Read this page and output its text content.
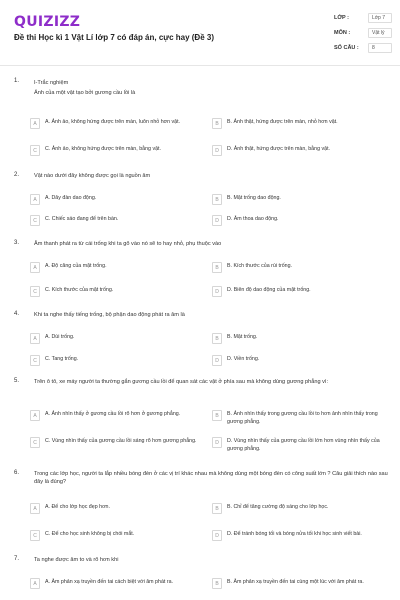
QUIZIZZ
Đề thi Học kì 1 Vật Lí lớp 7 có đáp án, cực hay (Đề 3)
LỚP :	Lớp 7
MÔN :	Vật lý
SỐ CÂU :	8
1.	I-Trắc nghiệm
Ảnh của một vật tạo bởi gương cầu lồi là
A	A. Ảnh ảo, không hứng được trên màn, luôn nhỏ hơn vật.	B	B. Ảnh thật, hứng được trên màn, nhỏ hơn vật.
C	C. Ảnh ảo, không hứng được trên màn, bằng vật.	D	D. Ảnh thật, hứng được trên màn, bằng vật.
2.	Vật nào dưới đây không được gọi là nguồn âm
A	A. Dây đàn dao động.	B	B. Mặt trống dao động.
C	C. Chiếc sáo đang để trên bàn.	D	D. Âm thoa dao động.
3.	Âm thanh phát ra từ cái trống khi ta gõ vào nó sẽ to hay nhỏ, phụ thuộc vào
A	A. Độ căng của mặt trống.	B	B. Kích thước của rùi trống.
C	C. Kích thước của mặt trống.	D	D. Biên độ dao động của mặt trống.
4.	Khi ta nghe thấy tiếng trống, bộ phận dao động phát ra âm là
A	A. Dùi trống.	B	B. Mặt trống.
C	C. Tang trống.	D	D. Viền trống.
5.	Trên ô tô, xe máy người ta thường gắn gương cầu lồi để quan sát các vật ở phía sau mà không dùng gương phẳng vì:
A	A. Ảnh nhìn thấy ở gương cầu lồi rõ hơn ở gương phẳng.	B	B. Ảnh nhìn thấy trong gương cầu lồi to hơn ảnh nhìn thấy trong gương phẳng.
C	C. Vùng nhìn thấy của gương cầu lồi sáng rõ hơn gương phẳng.	D	D. Vùng nhìn thấy của gương cầu lồi lớn hơn vùng nhìn thấy của gương phẳng.
6.	Trong các lớp học, người ta lắp nhiều bóng đèn ở các vị trí khác nhau mà không dùng một bóng đèn có công suất lớn ? Câu giải thích nào sau đây là đúng?
A	A. Để cho lớp học đẹp hơn.	B	B. Chỉ để tăng cường độ sáng cho lớp học.
C	C. Để cho học sinh không bị chói mắt.	D	D. Để tránh bóng tối và bóng nửa tối khi học sinh viết bài.
7.	Ta nghe được âm to và rõ hơn khi
A	A. Âm phản xạ truyền đến tai cách biệt với âm phát ra.	B	B. Âm phản xạ truyền đến tai cùng một lúc với âm phát ra.
